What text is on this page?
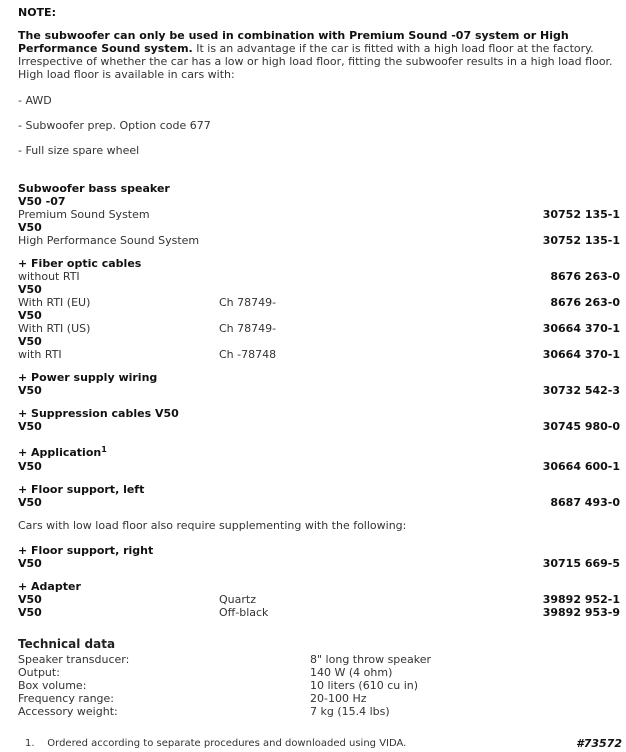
NOTE:
The subwoofer can only be used in combination with Premium Sound -07 system or High Performance Sound system. It is an advantage if the car is fitted with a high load floor at the factory. Irrespective of whether the car has a low or high load floor, fitting the subwoofer results in a high load floor. High load floor is available in cars with:
- AWD
- Subwoofer prep. Option code 677
- Full size spare wheel
Subwoofer bass speaker
V50 -07
Premium Sound System	30752 135-1
V50
High Performance Sound System	30752 135-1
+ Fiber optic cables
without RTI	8676 263-0
V50
With RTI (EU)	Ch 78749-	8676 263-0
V50
With RTI (US)	Ch 78749-	30664 370-1
V50
with RTI	Ch -78748	30664 370-1
+ Power supply wiring
V50	30732 542-3
+ Suppression cables V50
V50	30745 980-0
+ Application$^1$
V50	30664 600-1
+ Floor support, left
V50	8687 493-0
Cars with low load floor also require supplementing with the following:
+ Floor support, right
V50	30715 669-5
+ Adapter
V50	Quartz	39892 952-1
V50	Off-black	39892 953-9
Technical data
Speaker transducer:	8" long throw speaker
Output:	140 W (4 ohm)
Box volume:	10 liters (610 cu in)
Frequency range:	20-100 Hz
Accessory weight:	7 kg (15.4 lbs)
1.    Ordered according to separate procedures and downloaded using VIDA.	#73572
